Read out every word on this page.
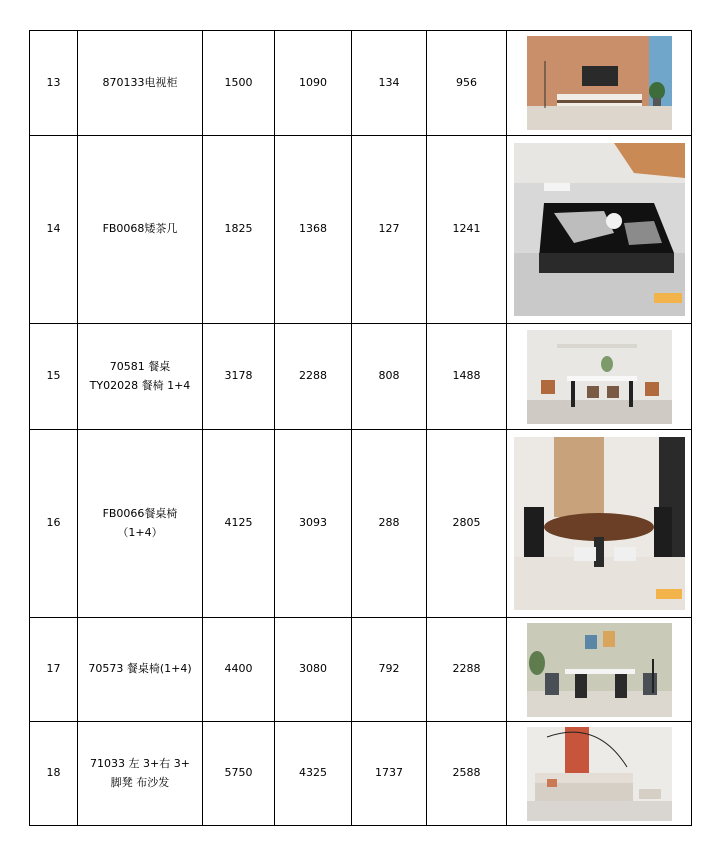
13	870133电视柜	1500	1090	134	956	

14	FB0068矮茶几	1825	1368	127	1241	

15	70581 餐桌
TY02028 餐椅 1+4	3178	2288	808	1488	

16	FB0066餐桌椅
（1+4）	4125	3093	288	2805	

17	70573 餐桌椅(1+4)	4400	3080	792	2288	

18	71033 左 3+右 3+
脚凳 布沙发	5750	4325	1737	2588	
